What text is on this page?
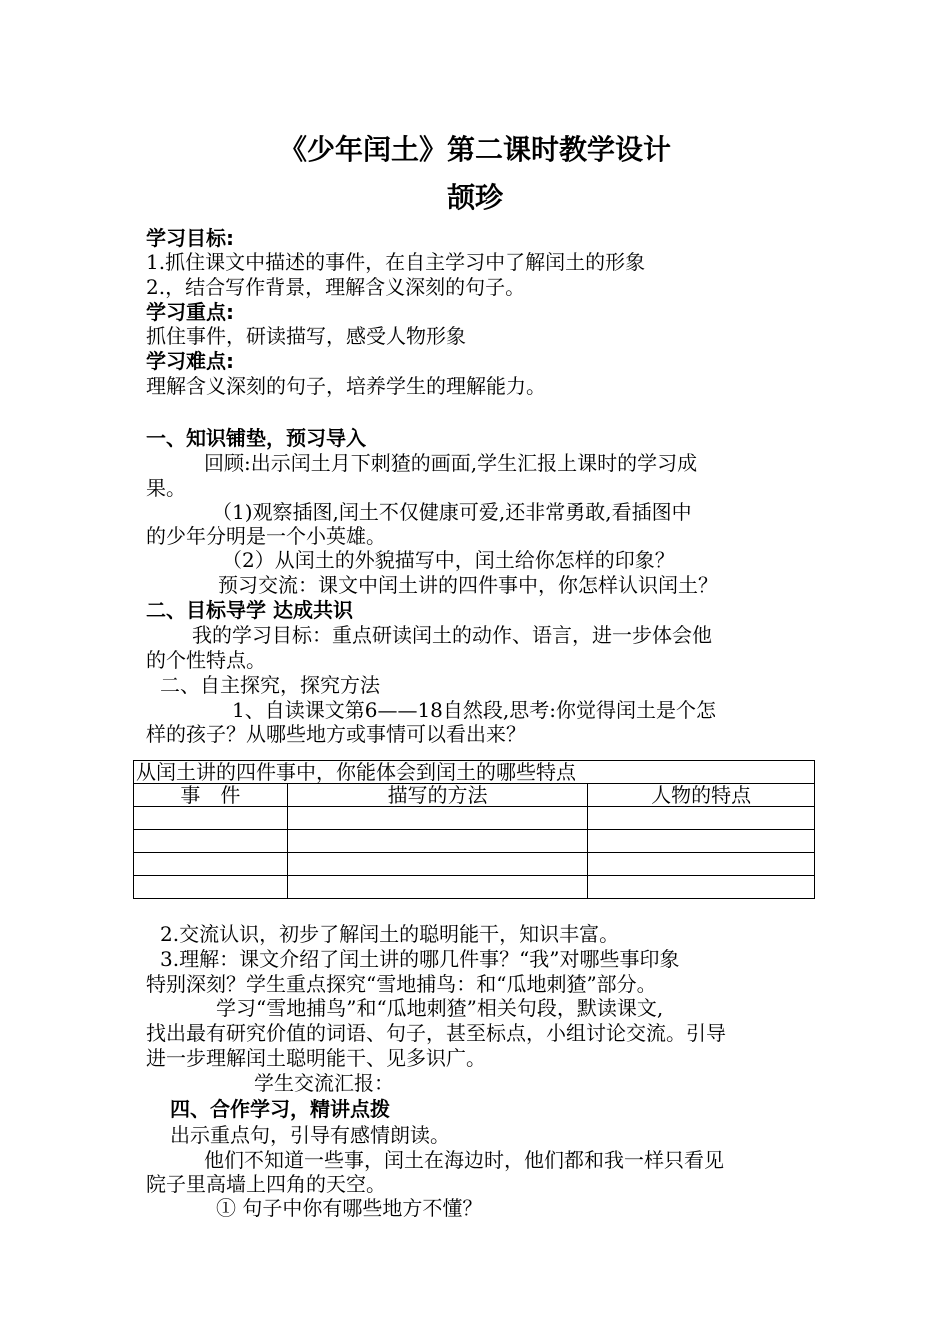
《少年闰土》第二课时教学设计
颉珍
学习目标:
1.抓住课文中描述的事件，在自主学习中了解闰土的形象
2.，结合写作背景，理解含义深刻的句子。
学习重点:
抓住事件，研读描写，感受人物形象
学习难点:
理解含义深刻的句子，培养学生的理解能力。
一、知识铺垫，预习导入
回顾:出示闰土月下刺猹的画面,学生汇报上课时的学习成
果。
（1)观察插图,闰土不仅健康可爱,还非常勇敢,看插图中
的少年分明是一个小英雄。
（2）从闰土的外貌描写中，闰土给你怎样的印象？
预习交流：课文中闰土讲的四件事中，你怎样认识闰土？
二、目标导学 达成共识
我的学习目标：重点研读闰土的动作、语言，进一步体会他
的个性特点。
二、自主探究，探究方法
1、自读课文第6——18自然段,思考:你觉得闰土是个怎
样的孩子？从哪些地方或事情可以看出来？
从闰土讲的四件事中，你能体会到闰土的哪些特点		
事　件	描写的方法	人物的特点

2.交流认识，初步了解闰土的聪明能干，知识丰富。
3.理解：课文介绍了闰土讲的哪几件事？“我”对哪些事印象
特别深刻？学生重点探究“雪地捕鸟：和“瓜地刺猹”部分。
学习“雪地捕鸟”和“瓜地刺猹”相关句段，默读课文,
找出最有研究价值的词语、句子，甚至标点，小组讨论交流。引导
进一步理解闰土聪明能干、见多识广。
学生交流汇报：
四、合作学习，精讲点拨
出示重点句，引导有感情朗读。
他们不知道一些事，闰土在海边时，他们都和我一样只看见
院子里高墙上四角的天空。
① 句子中你有哪些地方不懂？
